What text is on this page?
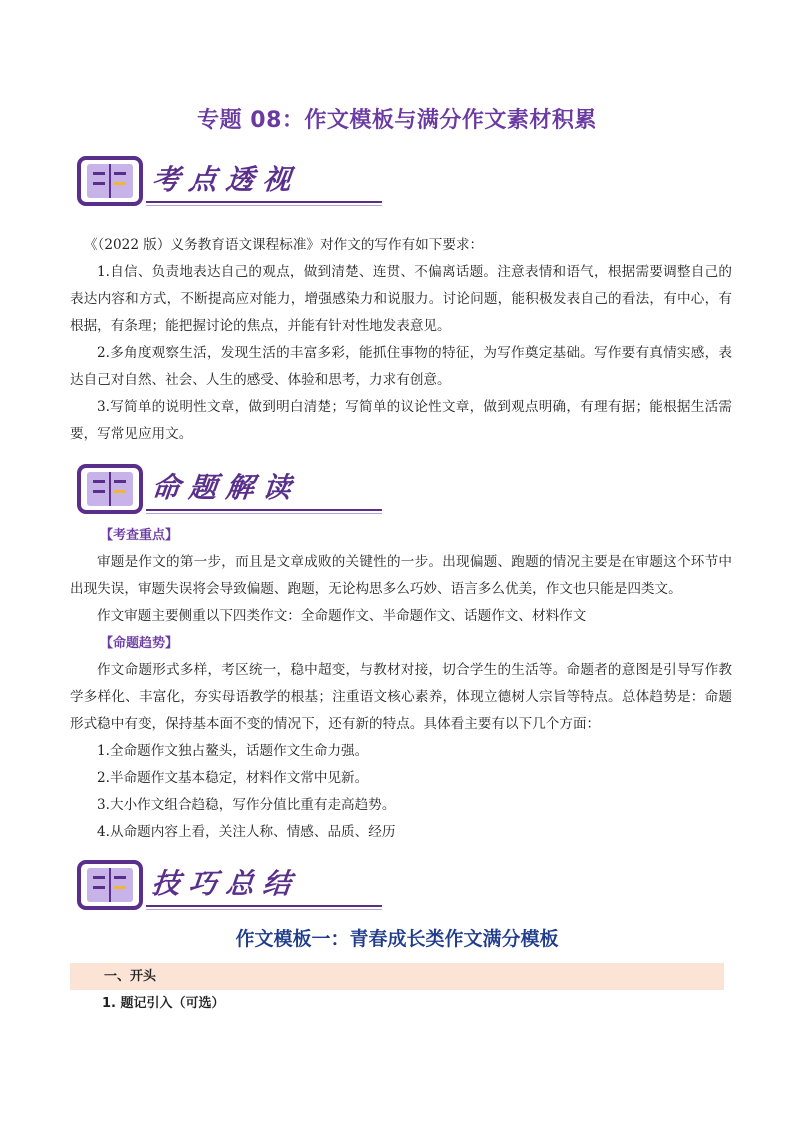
专题 08：作文模板与满分作文素材积累
考点透视

《（2022 版）义务教育语文课程标准》对作文的写作有如下要求：

1.自信、负责地表达自己的观点，做到清楚、连贯、不偏离话题。注意表情和语气，根据需要调整自己的表达内容和方式，不断提高应对能力，增强感染力和说服力。讨论问题，能积极发表自己的看法，有中心，有根据，有条理；能把握讨论的焦点，并能有针对性地发表意见。

2.多角度观察生活，发现生活的丰富多彩，能抓住事物的特征，为写作奠定基础。写作要有真情实感，表达自己对自然、社会、人生的感受、体验和思考，力求有创意。

3.写简单的说明性文章，做到明白清楚；写简单的议论性文章，做到观点明确，有理有据；能根据生活需要，写常见应用文。

命题解读

【考查重点】

审题是作文的第一步，而且是文章成败的关键性的一步。出现偏题、跑题的情况主要是在审题这个环节中出现失误，审题失误将会导致偏题、跑题，无论构思多么巧妙、语言多么优美，作文也只能是四类文。

作文审题主要侧重以下四类作文：全命题作文、半命题作文、话题作文、材料作文

【命题趋势】

作文命题形式多样，考区统一，稳中超变，与教材对接，切合学生的生活等。命题者的意图是引导写作教学多样化、丰富化，夯实母语教学的根基；注重语文核心素养，体现立德树人宗旨等特点。总体趋势是：命题形式稳中有变，保持基本面不变的情况下，还有新的特点。具体看主要有以下几个方面：

1.全命题作文独占鳌头，话题作文生命力强。

2.半命题作文基本稳定，材料作文常中见新。

3.大小作文组合趋稳，写作分值比重有走高趋势。

4.从命题内容上看，关注人称、情感、品质、经历

技巧总结
作文模板一：青春成长类作文满分模板
一、开头
1. 题记引入（可选）
